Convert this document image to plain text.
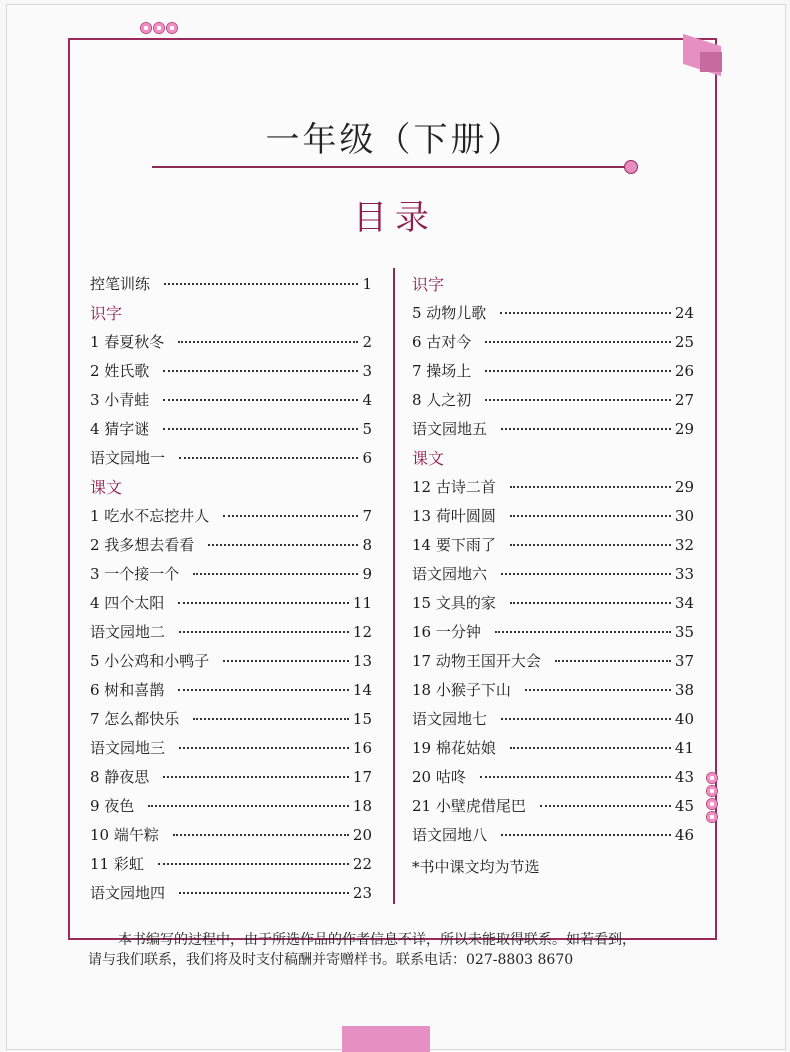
一年级（下册）
目录
控笔训练	1
识字
1 春夏秋冬	2
2 姓氏歌	3
3 小青蛙	4
4 猜字谜	5
语文园地一	6
课文
1 吃水不忘挖井人	7
2 我多想去看看	8
3 一个接一个	9
4 四个太阳	11
语文园地二	12
5 小公鸡和小鸭子	13
6 树和喜鹊	14
7 怎么都快乐	15
语文园地三	16
8 静夜思	17
9 夜色	18
10 端午粽	20
11 彩虹	22
语文园地四	23
识字
5 动物儿歌	24
6 古对今	25
7 操场上	26
8 人之初	27
语文园地五	29
课文
12 古诗二首	29
13 荷叶圆圆	30
14 要下雨了	32
语文园地六	33
15 文具的家	34
16 一分钟	35
17 动物王国开大会	37
18 小猴子下山	38
语文园地七	40
19 棉花姑娘	41
20 咕咚	43
21 小壁虎借尾巴	45
语文园地八	46
*书中课文均为节选

本书编写的过程中，由于所选作品的作者信息不详，所以未能取得联系。如若看到，

请与我们联系，我们将及时支付稿酬并寄赠样书。联系电话：027-8803 8670
